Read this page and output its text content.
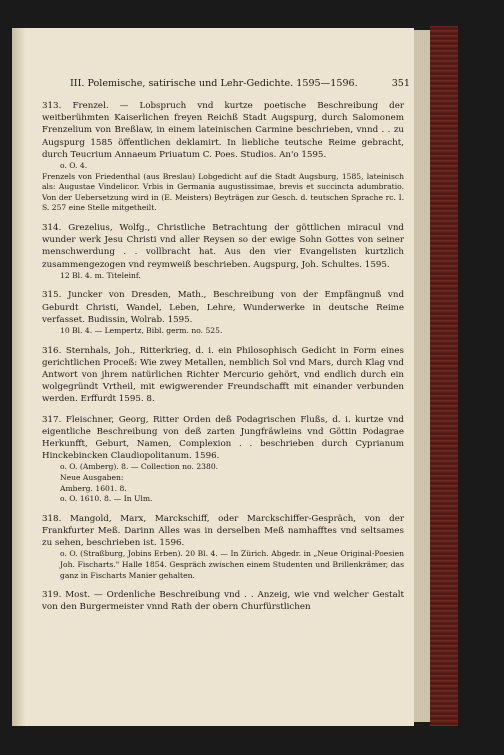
III. Polemische, satirische und Lehr-Gedichte. 1595—1596.	351

313. Frenzel. — Lobspruch vnd kurtze poetische Beschreibung der weitberühmten Kaiserlichen freyen Reichß Stadt Augspurg, durch Salomonem Frenzelium von Breßlaw, in einem lateinischen Carmine beschrieben, vnnd . . zu Augspurg 1585 öffentlichen deklamirt. In liebliche teutsche Reime gebracht, durch Teucrium Annaeum Priuatum C. Poes. Studios. An'o 1595.

o. O. 4.

Frenzels von Friedenthal (aus Breslau) Lobgedicht auf die Stadt Augsburg, 1585, lateinisch als: Augustae Vindelicor. Vrbis in Germania augustissimae, brevis et succincta adumbratio. Von der Uebersetzung wird in (E. Meisters) Beyträgen zur Gesch. d. teutschen Sprache rc. I. S. 257 eine Stelle mitgetheilt.

314. Grezelius, Wolfg., Christliche Betrachtung der göttlichen miracul vnd wunder werk Jesu Christi vnd aller Reysen so der ewige Sohn Gottes von seiner menschwerdung . . vollbracht hat. Aus den vier Evangelisten kurtzlich zusammengezogen vnd reymweiß beschrieben. Augspurg, Joh. Schultes. 1595.

12 Bl. 4. m. Titeleinf.

315. Juncker von Dresden, Math., Beschreibung von der Empfängnuß vnd Geburdt Christi, Wandel, Leben, Lehre, Wunderwerke in deutsche Reime verfasset. Budissin, Wolrab. 1595.

10 Bl. 4. — Lempertz, Bibl. germ. no. 525.

316. Sternhals, Joh., Ritterkrieg, d. i. ein Philosophisch Gedicht in Form eines gerichtlichen Proceß: Wie zwey Metallen, nemblich Sol vnd Mars, durch Klag vnd Antwort von jhrem natürlichen Richter Mercurio gehört, vnd endlich durch ein wolgegründt Vrtheil, mit ewigwerender Freundschafft mit einander verbunden werden. Erffurdt 1595. 8.

317. Fleischner, Georg, Ritter Orden deß Podagrischen Flußs, d. i. kurtze vnd eigentliche Beschreibung von deß zarten Jungfräwleins vnd Göttin Podagrae Herkunfft, Geburt, Namen, Complexion . . beschrieben durch Cyprianum Hinckebincken Claudiopolitanum. 1596.

o. O. (Amberg). 8. — Collection no. 2380.

Neue Ausgaben:

Amberg. 1601. 8.

o. O. 1610. 8. — In Ulm.

318. Mangold, Marx, Marckschiff, oder Marckschiffer-Gespräch, von der Frankfurter Meß. Darinn Alles was in derselben Meß namhafftes vnd seltsames zu sehen, beschrieben ist. 1596.

o. O. (Straßburg, Jobins Erben). 20 Bl. 4. — In Zürich. Abgedr. in „Neue Original-Poesien Joh. Fischarts." Halle 1854. Gespräch zwischen einem Studenten und Brillenkrämer, das ganz in Fischarts Manier gehalten.

319. Most. — Ordenliche Beschreibung vnd . . Anzeig, wie vnd welcher Gestalt von den Burgermeister vnnd Rath der obern Churfürstlichen
